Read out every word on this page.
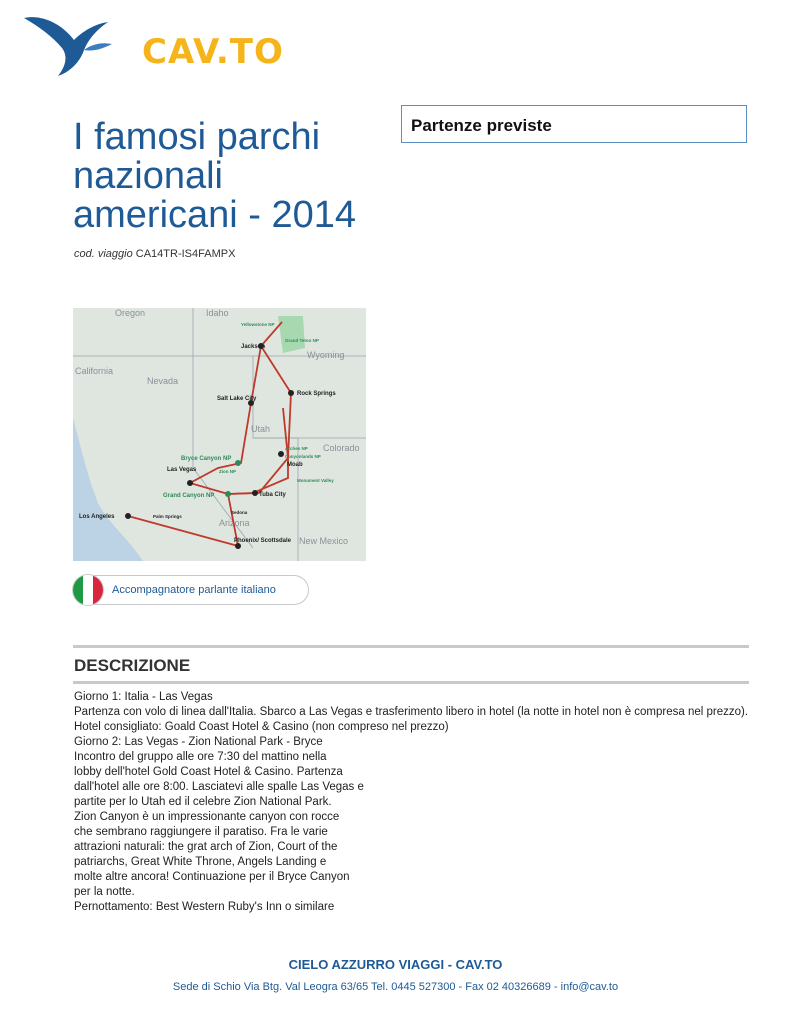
CAV.TO
I famosi parchi nazionali americani - 2014
cod. viaggio CA14TR-IS4FAMPX
Partenze previste
Oregon	Idaho
Wyoming
California
Nevada
Utah
Colorado
Arizona
New Mexico
Yellowstone NP
Grand Teton NP
Jackson
Rock Springs
Salt Lake City
Arches NP
Canyonlands NP
Moab
Monument Valley
Bryce Canyon NP
Zion NP
Las Vegas
Grand Canyon NP	Tuba City
Sedona
Palm Springs
Los Angeles
Phoenix/ Scottsdale
Accompagnatore parlante italiano
DESCRIZIONE

Giorno 1: Italia - Las Vegas

Partenza con volo di linea dall'Italia. Sbarco a Las Vegas e trasferimento libero in hotel (la notte in hotel non è compresa nel prezzo).

Hotel consigliato: Goald Coast Hotel & Casino (non compreso nel prezzo)

Giorno 2: Las Vegas - Zion National Park - Bryce

Incontro del gruppo alle ore 7:30 del mattino nella

lobby dell'hotel Gold Coast Hotel & Casino. Partenza

dall'hotel alle ore 8:00. Lasciatevi alle spalle Las Vegas e

partite per lo Utah ed il celebre Zion National Park.

Zion Canyon è un impressionante canyon con rocce

che sembrano raggiungere il paratiso. Fra le varie

attrazioni naturali: the grat arch of Zion, Court of the

patriarchs, Great White Throne, Angels Landing e

molte altre ancora! Continuazione per il Bryce Canyon

per la notte.

Pernottamento: Best Western Ruby's Inn o similare

CIELO AZZURRO VIAGGI - CAV.TO
Sede di Schio Via Btg. Val Leogra 63/65 Tel. 0445 527300 - Fax 02 40326689 - info@cav.to
